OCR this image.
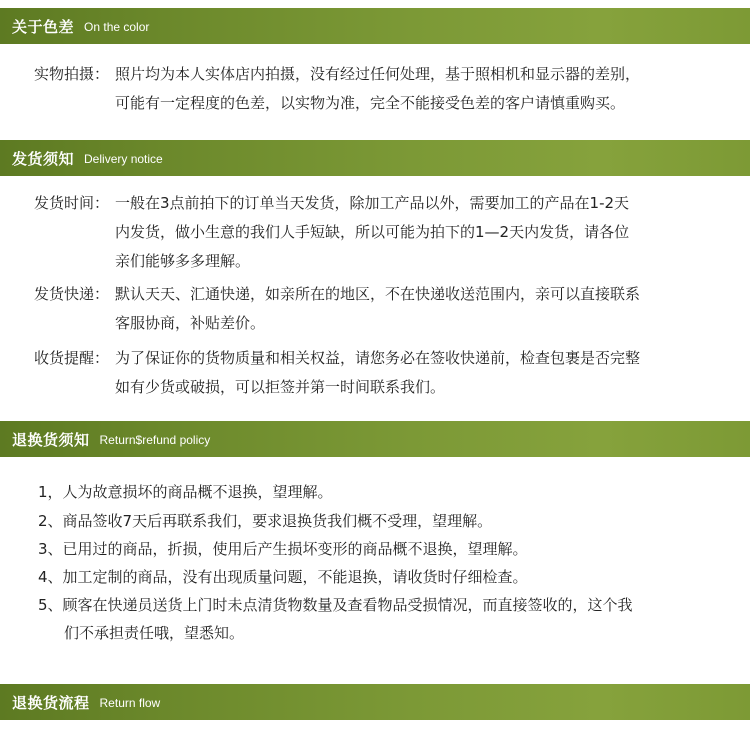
关于色差 On the color
实物拍摄： 照片均为本人实体店内拍摄，没有经过任何处理，基于照相机和显示器的差别，
可能有一定程度的色差，以实物为准，完全不能接受色差的客户请慎重购买。
发货须知 Delivery notice
发货时间： 一般在3点前拍下的订单当天发货，除加工产品以外，需要加工的产品在1-2天
内发货，做小生意的我们人手短缺，所以可能为拍下的1—2天内发货，请各位
亲们能够多多理解。
发货快递： 默认天天、汇通快递，如亲所在的地区，不在快递收送范围内，亲可以直接联系
客服协商，补贴差价。
收货提醒： 为了保证你的货物质量和相关权益，请您务必在签收快递前，检查包裹是否完整
如有少货或破损，可以拒签并第一时间联系我们。
退换货须知 Return$refund policy
1，人为故意损坏的商品概不退换，望理解。
2、商品签收7天后再联系我们，要求退换货我们概不受理，望理解。
3、已用过的商品，折损，使用后产生损坏变形的商品概不退换，望理解。
4、加工定制的商品，没有出现质量问题，不能退换，请收货时仔细检查。
5、顾客在快递员送货上门时未点清货物数量及查看物品受损情况，而直接签收的，这个我
们不承担责任哦，望悉知。
退换货流程 Return flow
